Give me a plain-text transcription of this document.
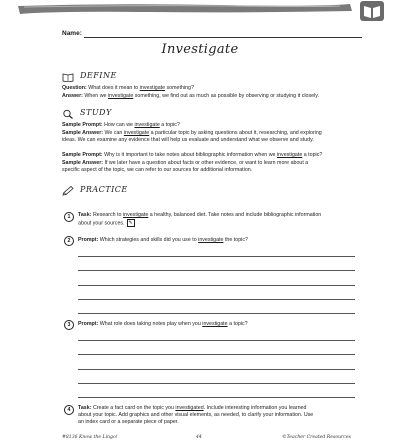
Name:
Investigate
DEFINE
Question: What does it mean to investigate something?
Answer: When we investigate something, we find out as much as possible by observing or studying it closely.
STUDY
Sample Prompt: How can we investigate a topic?
Sample Answer: We can investigate a particular topic by asking questions about it, researching, and exploring
ideas. We can examine any evidence that will help us evaluate and understand what we observe and study.
Sample Prompt: Why is it important to take notes about bibliographic information when we investigate a topic?
Sample Answer: If we later have a question about facts or other evidence, or want to learn more about a
specific aspect of the topic, we can refer to our sources for additional information.
PRACTICE
1	Task: Research to investigate a healthy, balanced diet. Take notes and include bibliographic information
about your sources. ✎
2	Prompt: Which strategies and skills did you use to investigate the topic?
3	Prompt: What role does taking notes play when you investigate a topic?
4	Task: Create a fact card on the topic you investigated. Include interesting information you learned
about your topic. Add graphics and other visual elements, as needed, to clarify your information. Use
an index card or a separate piece of paper.
#8136 Know the Lingo!	44	©Teacher Created Resources
